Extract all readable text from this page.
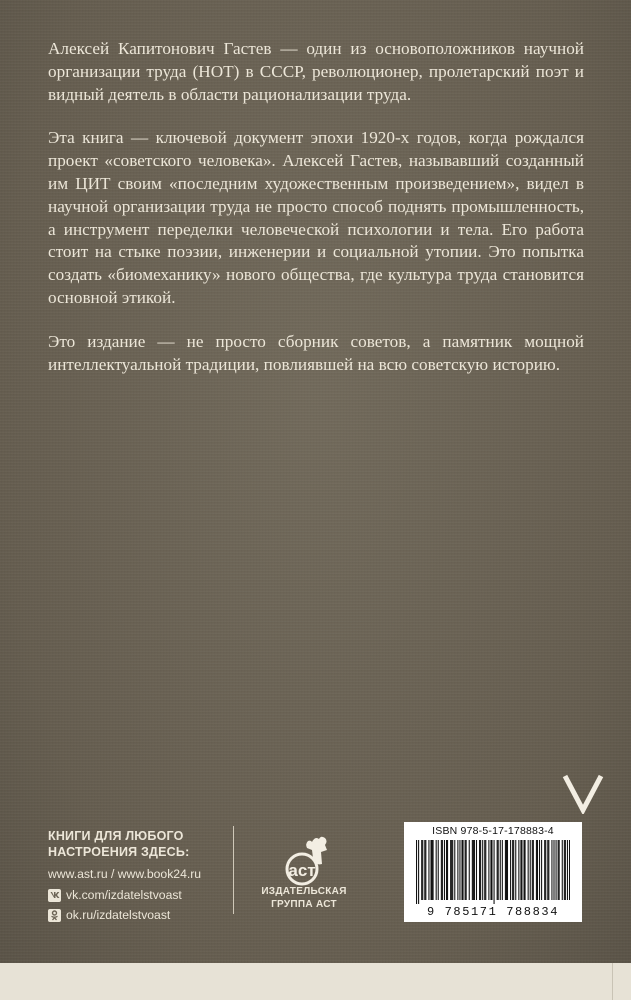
Алексей Капитонович Гастев — один из основоположников научной организации труда (НОТ) в СССР, революционер, пролетарский поэт и видный деятель в области рационализации труда.

Эта книга — ключевой документ эпохи 1920-х годов, когда рождался проект «советского человека». Алексей Гастев, называвший созданный им ЦИТ своим «последним художественным произведением», видел в научной организации труда не просто способ поднять промышленность, а инструмент переделки человеческой психологии и тела. Его работа стоит на стыке поэзии, инженерии и социальной утопии. Это попытка создать «биомеханику» нового общества, где культура труда становится основной этикой.

Это издание — не просто сборник советов, а памятник мощной интеллектуальной традиции, повлиявшей на всю советскую историю.

КНИГИ ДЛЯ ЛЮБОГО
НАСТРОЕНИЯ ЗДЕСЬ:
www.ast.ru / www.book24.ru
vk.com/izdatelstvoast
ok.ru/izdatelstvoast
аст
ИЗДАТЕЛЬСКАЯ
ГРУППА АСТ
ISBN 978-5-17-178883-4
9 785171 788834
